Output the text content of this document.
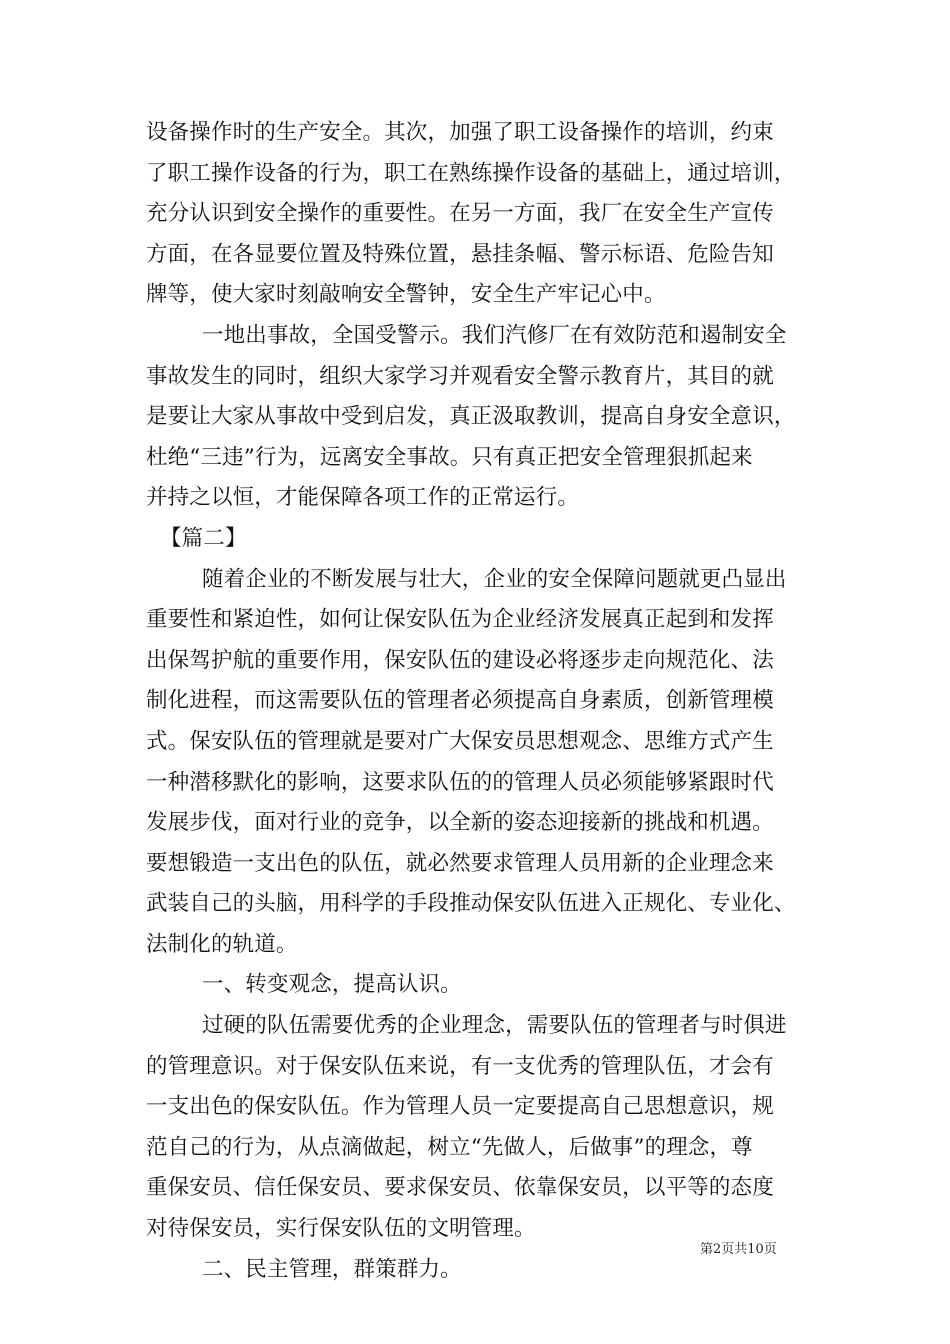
设备操作时的生产安全。其次，加强了职工设备操作的培训，约束
了职工操作设备的行为，职工在熟练操作设备的基础上，通过培训，
充分认识到安全操作的重要性。在另一方面，我厂在安全生产宣传
方面，在各显要位置及特殊位置，悬挂条幅、警示标语、危险告知
牌等，使大家时刻敲响安全警钟，安全生产牢记心中。
一地出事故，全国受警示。我们汽修厂在有效防范和遏制安全
事故发生的同时，组织大家学习并观看安全警示教育片，其目的就
是要让大家从事故中受到启发，真正汲取教训，提高自身安全意识，
杜绝“三违”行为，远离安全事故。只有真正把安全管理狠抓起来
并持之以恒，才能保障各项工作的正常运行。
【篇二】
随着企业的不断发展与壮大，企业的安全保障问题就更凸显出
重要性和紧迫性，如何让保安队伍为企业经济发展真正起到和发挥
出保驾护航的重要作用，保安队伍的建设必将逐步走向规范化、法
制化进程，而这需要队伍的管理者必须提高自身素质，创新管理模
式。保安队伍的管理就是要对广大保安员思想观念、思维方式产生
一种潜移默化的影响，这要求队伍的的管理人员必须能够紧跟时代
发展步伐，面对行业的竞争，以全新的姿态迎接新的挑战和机遇。
要想锻造一支出色的队伍，就必然要求管理人员用新的企业理念来
武装自己的头脑，用科学的手段推动保安队伍进入正规化、专业化、
法制化的轨道。
一、转变观念，提高认识。
过硬的队伍需要优秀的企业理念，需要队伍的管理者与时俱进
的管理意识。对于保安队伍来说，有一支优秀的管理队伍，才会有
一支出色的保安队伍。作为管理人员一定要提高自己思想意识，规
范自己的行为，从点滴做起，树立“先做人，后做事”的理念，尊
重保安员、信任保安员、要求保安员、依靠保安员，以平等的态度
对待保安员，实行保安队伍的文明管理。
二、民主管理，群策群力。
第2页共10页
